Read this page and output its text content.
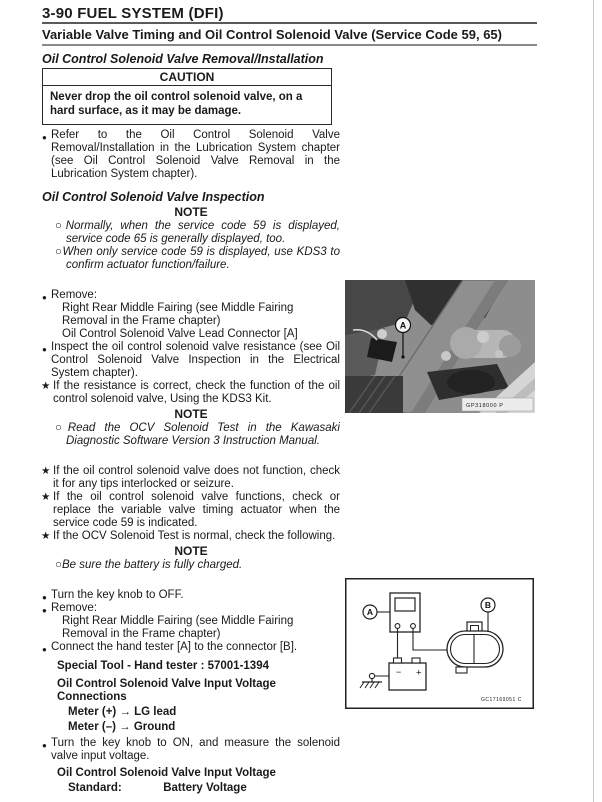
3-90 FUEL SYSTEM (DFI)
Variable Valve Timing and Oil Control Solenoid Valve (Service Code 59, 65)
Oil Control Solenoid Valve Removal/Installation
CAUTION
Never drop the oil control solenoid valve, on a hard surface, as it may be damage.
● Refer to the Oil Control Solenoid Valve Removal/Installation in the Lubrication System chapter (see Oil Control Solenoid Valve Removal in the Lubrication System chapter).
Oil Control Solenoid Valve Inspection
NOTE
○Normally, when the service code 59 is displayed, service code 65 is generally displayed, too.
○When only service code 59 is displayed, use KDS3 to confirm actuator function/failure.
● Remove:
Right Rear Middle Fairing (see Middle Fairing Removal in the Frame chapter)
Oil Control Solenoid Valve Lead Connector [A]
● Inspect the oil control solenoid valve resistance (see Oil Control Solenoid Valve Inspection in the Electrical System chapter).
★ If the resistance is correct, check the function of the oil control solenoid valve, Using the KDS3 Kit.
NOTE
○Read the OCV Solenoid Test in the Kawasaki Diagnostic Software Version 3 Instruction Manual.
★ If the oil control solenoid valve does not function, check it for any tips interlocked or seizure.
★ If the oil control solenoid valve functions, check or replace the variable valve timing actuator when the service code 59 is indicated.
★ If the OCV Solenoid Test is normal, check the following.
NOTE
○Be sure the battery is fully charged.
● Turn the key knob to OFF.
● Remove:
Right Rear Middle Fairing (see Middle Fairing Removal in the Frame chapter)
● Connect the hand tester [A] to the connector [B].
Special Tool - Hand tester : 57001-1394
Oil Control Solenoid Valve Input Voltage Connections
Meter (+) → LG lead
Meter (–) → Ground
● Turn the key knob to ON, and measure the solenoid valve input voltage.
Oil Control Solenoid Valve Input Voltage
Standard:             Battery Voltage
A
GP318000 P
A
B
− +
GC17169051 C
